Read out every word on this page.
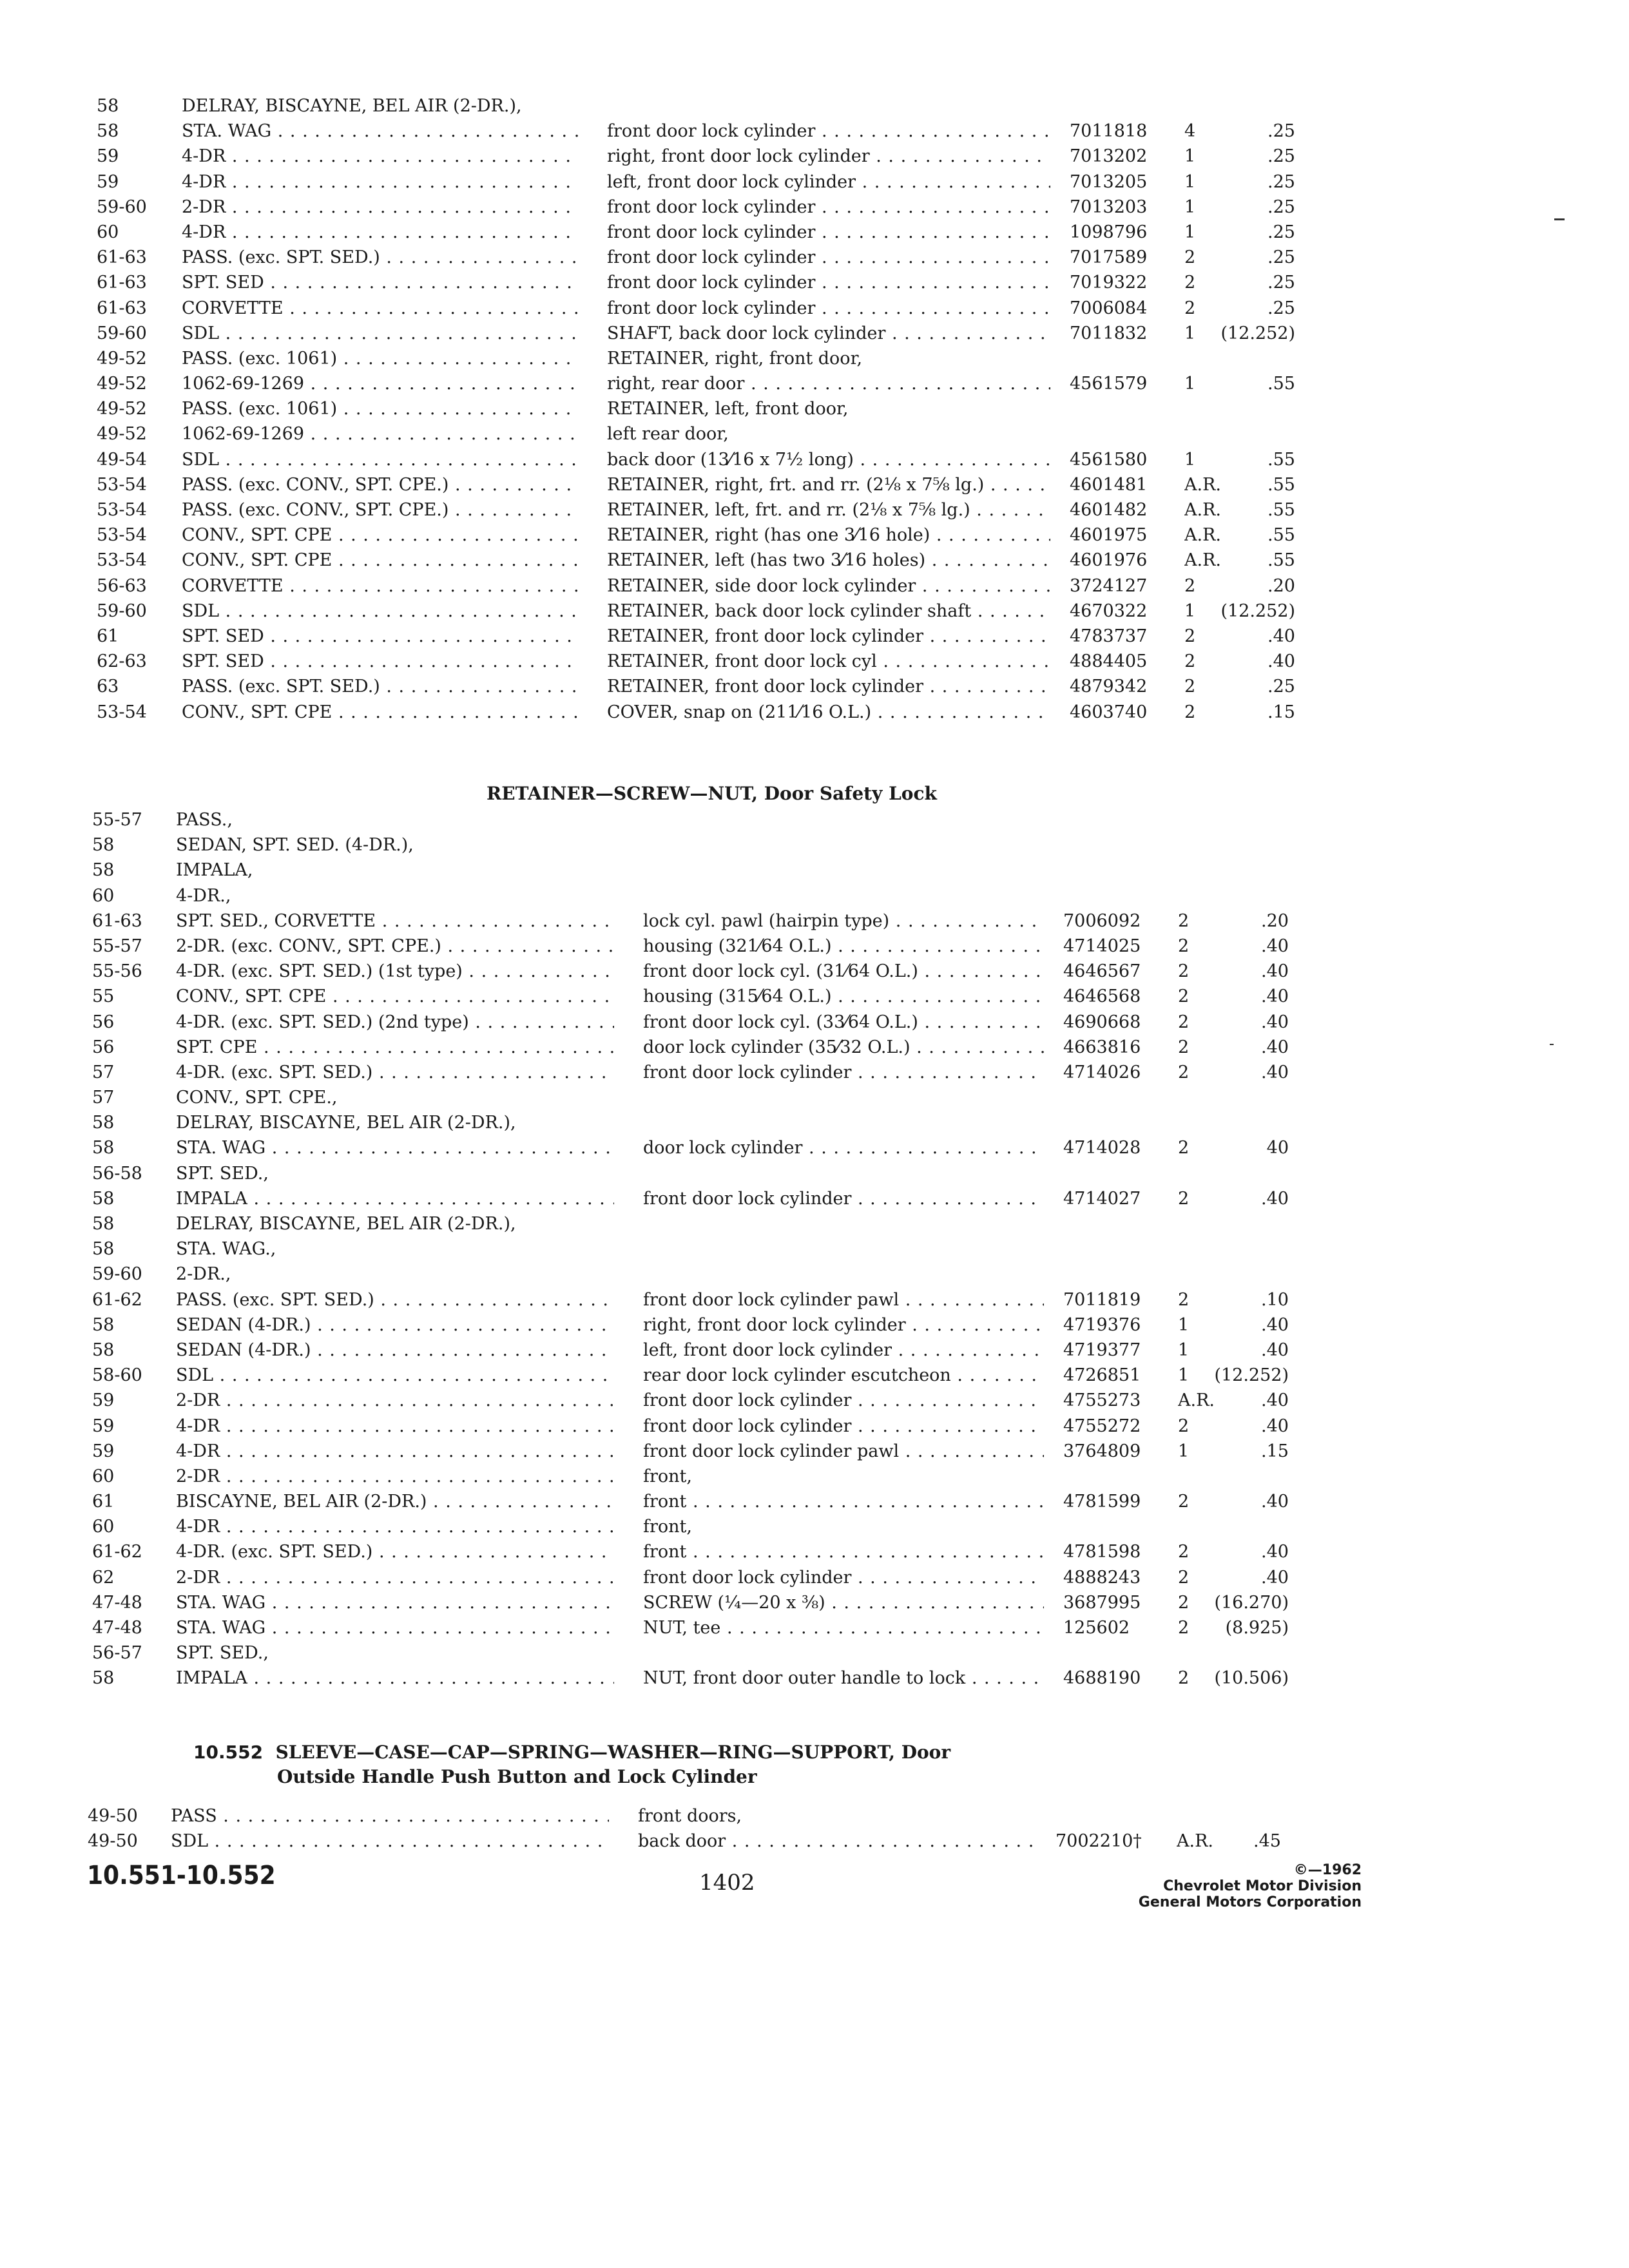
58	DELRAY, BISCAYNE, BEL AIR (2-DR.),
58	STA. WAG . . .	front door lock cylinder . . .	7011818	4	.25
59	4-DR . . .	right, front door lock cylinder . . .	7013202	1	.25
59	4-DR . . .	left, front door lock cylinder . . .	7013205	1	.25
59-60	2-DR . . .	front door lock cylinder . . .	7013203	1	.25
60	4-DR . . .	front door lock cylinder . . .	1098796	1	.25
61-63	PASS. (exc. SPT. SED.) . . .	front door lock cylinder . . .	7017589	2	.25
61-63	SPT. SED . . .	front door lock cylinder . . .	7019322	2	.25
61-63	CORVETTE . . .	front door lock cylinder . . .	7006084	2	.25
59-60	SDL . . .	SHAFT, back door lock cylinder . . .	7011832	1	(12.252)
49-52	PASS. (exc. 1061) . . .	RETAINER, right, front door,
49-52	1062-69-1269 . . .	right, rear door . . .	4561579	1	.55
49-52	PASS. (exc. 1061) . . .	RETAINER, left, front door,
49-52	1062-69-1269 . . .	left rear door,
49-54	SDL . . .	back door (13⁄16 x 7½ long) . . .	4561580	1	.55
53-54	PASS. (exc. CONV., SPT. CPE.) . . .	RETAINER, right, frt. and rr. (2⅛ x 7⅝ lg.) . . .	4601481	A.R.	.55
53-54	PASS. (exc. CONV., SPT. CPE.) . . .	RETAINER, left, frt. and rr. (2⅛ x 7⅝ lg.) . . .	4601482	A.R.	.55
53-54	CONV., SPT. CPE . . .	RETAINER, right (has one 3⁄16 hole) . . .	4601975	A.R.	.55
53-54	CONV., SPT. CPE . . .	RETAINER, left (has two 3⁄16 holes) . . .	4601976	A.R.	.55
56-63	CORVETTE . . .	RETAINER, side door lock cylinder . . .	3724127	2	.20
59-60	SDL . . .	RETAINER, back door lock cylinder shaft . . .	4670322	1	(12.252)
61	SPT. SED . . .	RETAINER, front door lock cylinder . . .	4783737	2	.40
62-63	SPT. SED . . .	RETAINER, front door lock cyl . . .	4884405	2	.40
63	PASS. (exc. SPT. SED.) . . .	RETAINER, front door lock cylinder . . .	4879342	2	.25
53-54	CONV., SPT. CPE . . .	COVER, snap on (211⁄16 O.L.) . . .	4603740	2	.15
RETAINER—SCREW—NUT, Door Safety Lock
55-57	PASS.,
58	SEDAN, SPT. SED. (4-DR.),
58	IMPALA,
60	4-DR.,
61-63	SPT. SED., CORVETTE . . .	lock cyl. pawl (hairpin type) . . .	7006092	2	.20
55-57	2-DR. (exc. CONV., SPT. CPE.) . . .	housing (321⁄64 O.L.) . . .	4714025	2	.40
55-56	4-DR. (exc. SPT. SED.) (1st type) . . .	front door lock cyl. (31⁄64 O.L.) . . .	4646567	2	.40
55	CONV., SPT. CPE . . .	housing (315⁄64 O.L.) . . .	4646568	2	.40
56	4-DR. (exc. SPT. SED.) (2nd type) . . .	front door lock cyl. (33⁄64 O.L.) . . .	4690668	2	.40
56	SPT. CPE . . .	door lock cylinder (35⁄32 O.L.) . . .	4663816	2	.40
57	4-DR. (exc. SPT. SED.) . . .	front door lock cylinder . . .	4714026	2	.40
57	CONV., SPT. CPE.,
58	DELRAY, BISCAYNE, BEL AIR (2-DR.),
58	STA. WAG . . .	door lock cylinder . . .	4714028	2	40
56-58	SPT. SED.,
58	IMPALA . . .	front door lock cylinder . . .	4714027	2	.40
58	DELRAY, BISCAYNE, BEL AIR (2-DR.),
58	STA. WAG.,
59-60	2-DR.,
61-62	PASS. (exc. SPT. SED.) . . .	front door lock cylinder pawl . . .	7011819	2	.10
58	SEDAN (4-DR.) . . .	right, front door lock cylinder . . .	4719376	1	.40
58	SEDAN (4-DR.) . . .	left, front door lock cylinder . . .	4719377	1	.40
58-60	SDL . . .	rear door lock cylinder escutcheon . . .	4726851	1	(12.252)
59	2-DR . . .	front door lock cylinder . . .	4755273	A.R.	.40
59	4-DR . . .	front door lock cylinder . . .	4755272	2	.40
59	4-DR . . .	front door lock cylinder pawl . . .	3764809	1	.15
60	2-DR . . .	front,
61	BISCAYNE, BEL AIR (2-DR.) . . .	front . . .	4781599	2	.40
60	4-DR . . .	front,
61-62	4-DR. (exc. SPT. SED.) . . .	front . . .	4781598	2	.40
62	2-DR . . .	front door lock cylinder . . .	4888243	2	.40
47-48	STA. WAG . . .	SCREW (¼—20 x ⅜) . . .	3687995	2	(16.270)
47-48	STA. WAG . . .	NUT, tee . . .	125602	2	(8.925)
56-57	SPT. SED.,
58	IMPALA . . .	NUT, front door outer handle to lock . . .	4688190	2	(10.506)
10.552 SLEEVE—CASE—CAP—SPRING—WASHER—RING—SUPPORT, Door
Outside Handle Push Button and Lock Cylinder
49-50	PASS . . .	front doors,
49-50	SDL . . .	back door . . .	7002210†	A.R.	.45
10.551-10.552	1402	©—1962
Chevrolet Motor Division
General Motors Corporation
